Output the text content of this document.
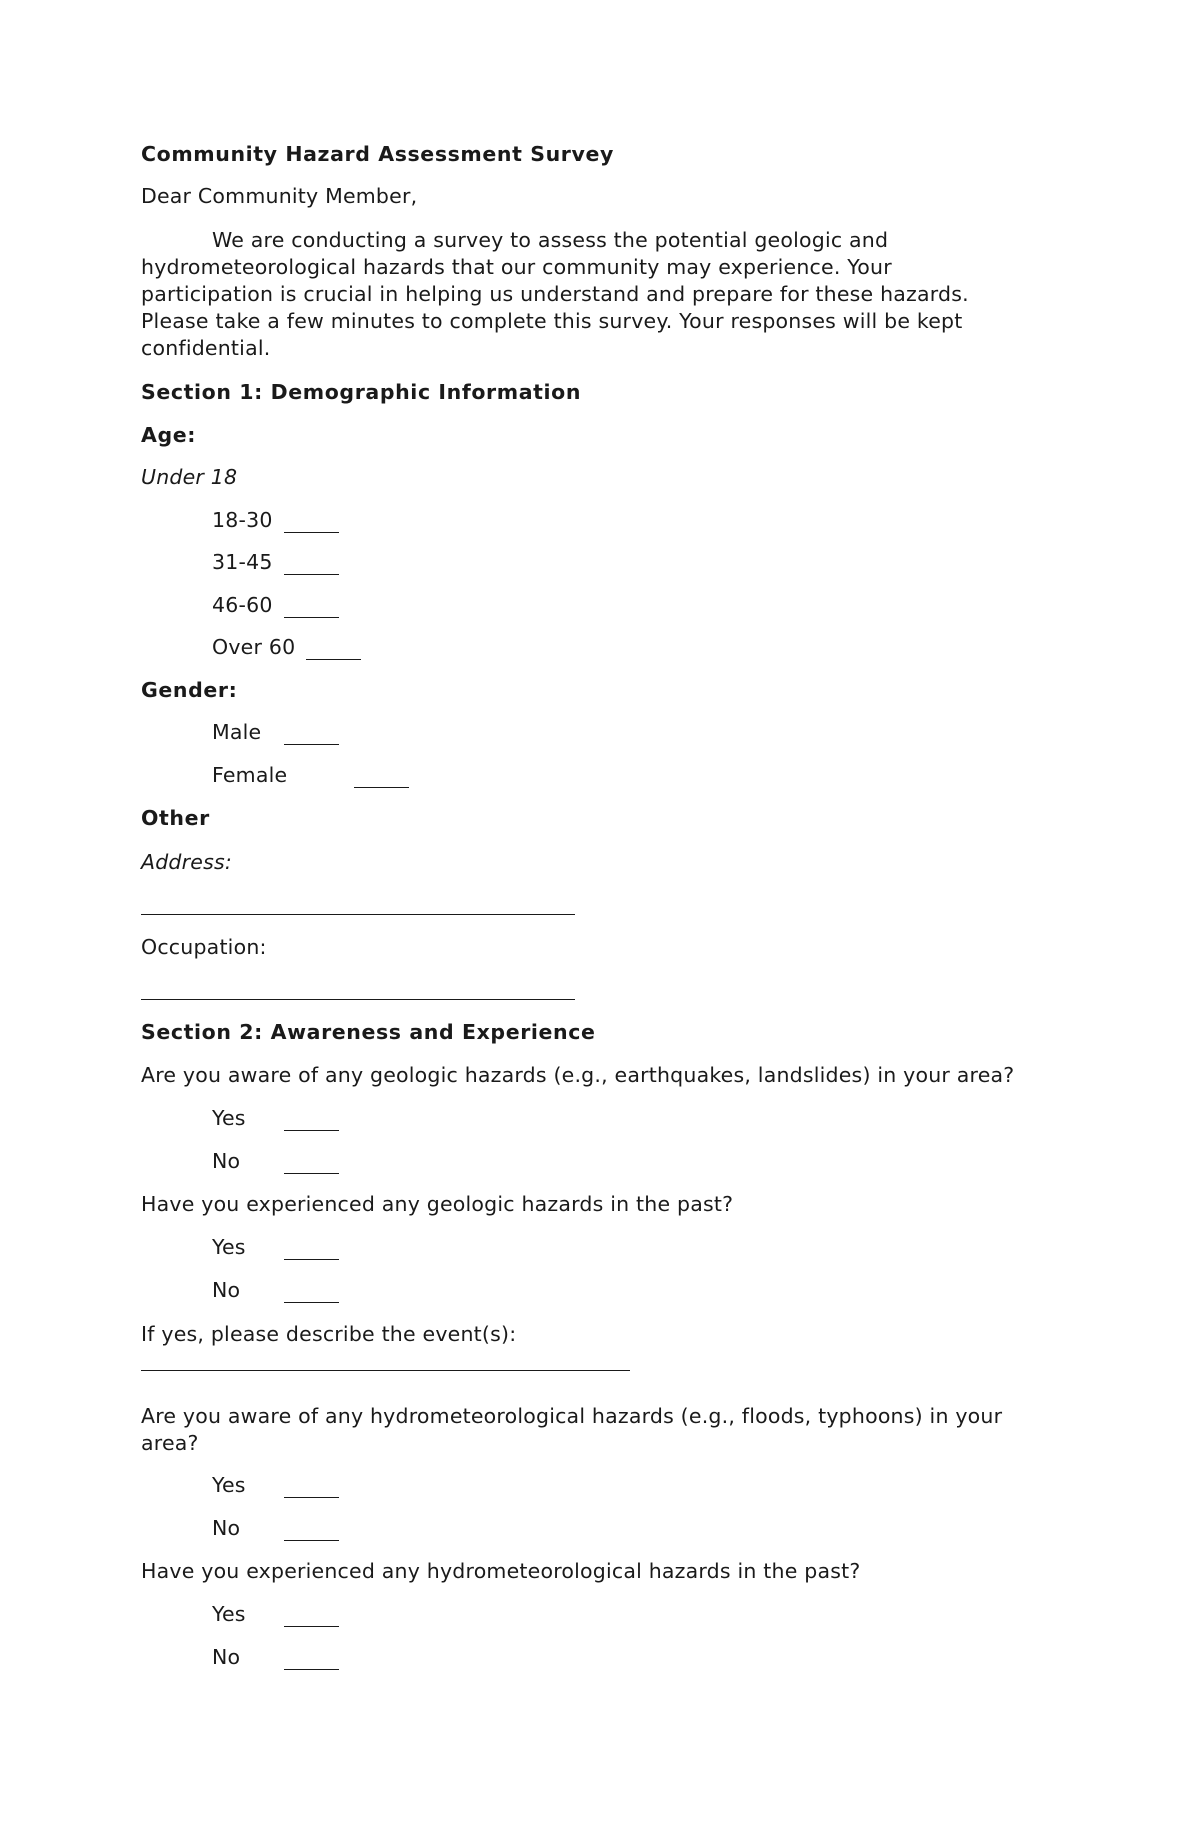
Community Hazard Assessment Survey
Dear Community Member,
We are conducting a survey to assess the potential geologic and
hydrometeorological hazards that our community may experience. Your
participation is crucial in helping us understand and prepare for these hazards.
Please take a few minutes to complete this survey. Your responses will be kept
confidential.
Section 1: Demographic Information
Age:
Under 18
18-30
31-45
46-60
Over 60
Gender:
Male
Female
Other
Address:
Occupation:
Section 2: Awareness and Experience
Are you aware of any geologic hazards (e.g., earthquakes, landslides) in your area?
Yes
No
Have you experienced any geologic hazards in the past?
Yes
No
If yes, please describe the event(s):
Are you aware of any hydrometeorological hazards (e.g., floods, typhoons) in your
area?
Yes
No
Have you experienced any hydrometeorological hazards in the past?
Yes
No
